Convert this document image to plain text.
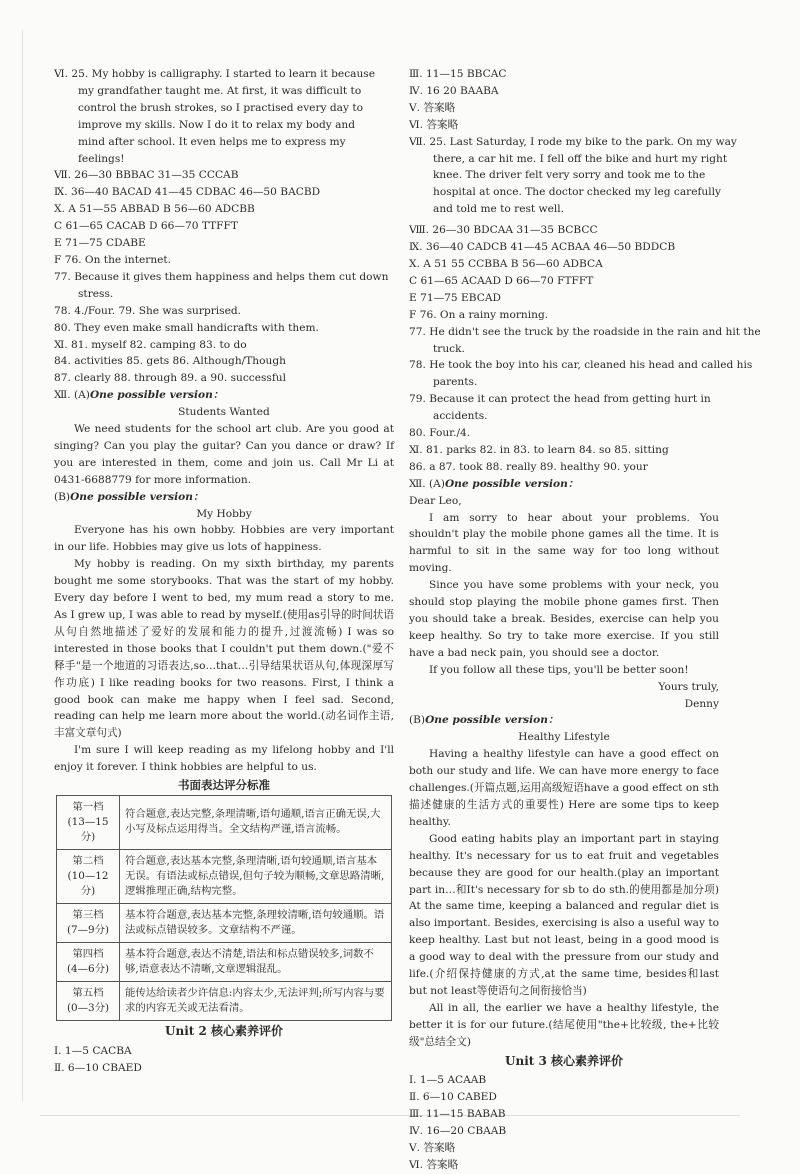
Ⅵ. 25. My hobby is calligraphy. I started to learn it because
my grandfather taught me. At first, it was difficult to
control the brush strokes, so I practised every day to
improve my skills. Now I do it to relax my body and
mind after school. It even helps me to express my
feelings!
Ⅶ. 26—30 BBBAC 31—35 CCCAB
Ⅸ. 36—40 BACAD 41—45 CDBAC 46—50 BACBD
Ⅹ. A 51—55 ABBAD B 56—60 ADCBB
C 61—65 CACAB D 66—70 TTFFT
E 71—75 CDABE
F 76. On the internet.
77. Because it gives them happiness and helps them cut down
stress.
78. 4./Four. 79. She was surprised.
80. They even make small handicrafts with them.
Ⅺ. 81. myself 82. camping 83. to do
84. activities 85. gets 86. Although/Though
87. clearly 88. through 89. a 90. successful
Ⅻ. (A)One possible version：
Students Wanted

We need students for the school art club. Are you good at singing? Can you play the guitar? Can you dance or draw? If you are interested in them, come and join us. Call Mr Li at 0431-6688779 for more information.

(B)One possible version：
My Hobby

Everyone has his own hobby. Hobbies are very important in our life. Hobbies may give us lots of happiness.

My hobby is reading. On my sixth birthday, my parents bought me some storybooks. That was the start of my hobby. Every day before I went to bed, my mum read a story to me. As I grew up, I was able to read by myself.(使用as引导的时间状语从句自然地描述了爱好的发展和能力的提升,过渡流畅) I was so interested in those books that I couldn't put them down.("爱不释手"是一个地道的习语表达,so…that…引导结果状语从句,体现深厚写作功底) I like reading books for two reasons. First, I think a good book can make me happy when I feel sad. Second, reading can help me learn more about the world.(动名词作主语,丰富文章句式)

I'm sure I will keep reading as my lifelong hobby and I'll enjoy it forever. I think hobbies are helpful to us.

书面表达评分标准
第一档
(13—15分)	符合题意,表达完整,条理清晰,语句通顺,语言正确无误,大小写及标点运用得当。全文结构严谨,语言流畅。
第二档
(10—12分)	符合题意,表达基本完整,条理清晰,语句较通顺,语言基本无误。有语法或标点错误,但句子较为顺畅,文章思路清晰,逻辑推理正确,结构完整。
第三档
(7—9分)	基本符合题意,表达基本完整,条理较清晰,语句较通顺。语法或标点错误较多。文章结构不严谨。
第四档
(4—6分)	基本符合题意,表达不清楚,语法和标点错误较多,词数不够,语意表达不清晰,文章逻辑混乱。
第五档
(0—3分)	能传达给读者少许信息:内容太少,无法评判;所写内容与要求的内容无关或无法看清。
Unit 2 核心素养评价
Ⅰ. 1—5 CACBA
Ⅱ. 6—10 CBAED
Ⅲ. 11—15 BBCAC
Ⅳ. 16 20 BAABA
Ⅴ. 答案略
Ⅵ. 答案略
Ⅶ. 25. Last Saturday, I rode my bike to the park. On my way
there, a car hit me. I fell off the bike and hurt my right
knee. The driver felt very sorry and took me to the
hospital at once. The doctor checked my leg carefully
and told me to rest well.
Ⅷ. 26—30 BDCAA 31—35 BCBCC
Ⅸ. 36—40 CADCB 41—45 ACBAA 46—50 BDDCB
Ⅹ. A 51 55 CCBBA B 56—60 ADBCA
C 61—65 ACAAD D 66—70 FTFFT
E 71—75 EBCAD
F 76. On a rainy morning.
77. He didn't see the truck by the roadside in the rain and hit the
truck.
78. He took the boy into his car, cleaned his head and called his
parents.
79. Because it can protect the head from getting hurt in
accidents.
80. Four./4.
Ⅺ. 81. parks 82. in 83. to learn 84. so 85. sitting
86. a 87. took 88. really 89. healthy 90. your
Ⅻ. (A)One possible version：
Dear Leo,

I am sorry to hear about your problems. You shouldn't play the mobile phone games all the time. It is harmful to sit in the same way for too long without moving.

Since you have some problems with your neck, you should stop playing the mobile phone games first. Then you should take a break. Besides, exercise can help you keep healthy. So try to take more exercise. If you still have a bad neck pain, you should see a doctor.

If you follow all these tips, you'll be better soon!

Yours truly,
Denny
(B)One possible version：
Healthy Lifestyle

Having a healthy lifestyle can have a good effect on both our study and life. We can have more energy to face challenges.(开篇点题,运用高级短语have a good effect on sth描述健康的生活方式的重要性) Here are some tips to keep healthy.

Good eating habits play an important part in staying healthy. It's necessary for us to eat fruit and vegetables because they are good for our health.(play an important part in…和It's necessary for sb to do sth.的使用都是加分项) At the same time, keeping a balanced and regular diet is also important. Besides, exercising is also a useful way to keep healthy. Last but not least, being in a good mood is a good way to deal with the pressure from our study and life.(介绍保持健康的方式,at the same time, besides和last but not least等使语句之间衔接恰当)

All in all, the earlier we have a healthy lifestyle, the better it is for our future.(结尾使用"the+比较级, the+比较级"总结全文)

Unit 3 核心素养评价
Ⅰ. 1—5 ACAAB
Ⅱ. 6—10 CABED
Ⅲ. 11—15 BABAB
Ⅳ. 16—20 CBAAB
Ⅴ. 答案略
Ⅵ. 答案略
